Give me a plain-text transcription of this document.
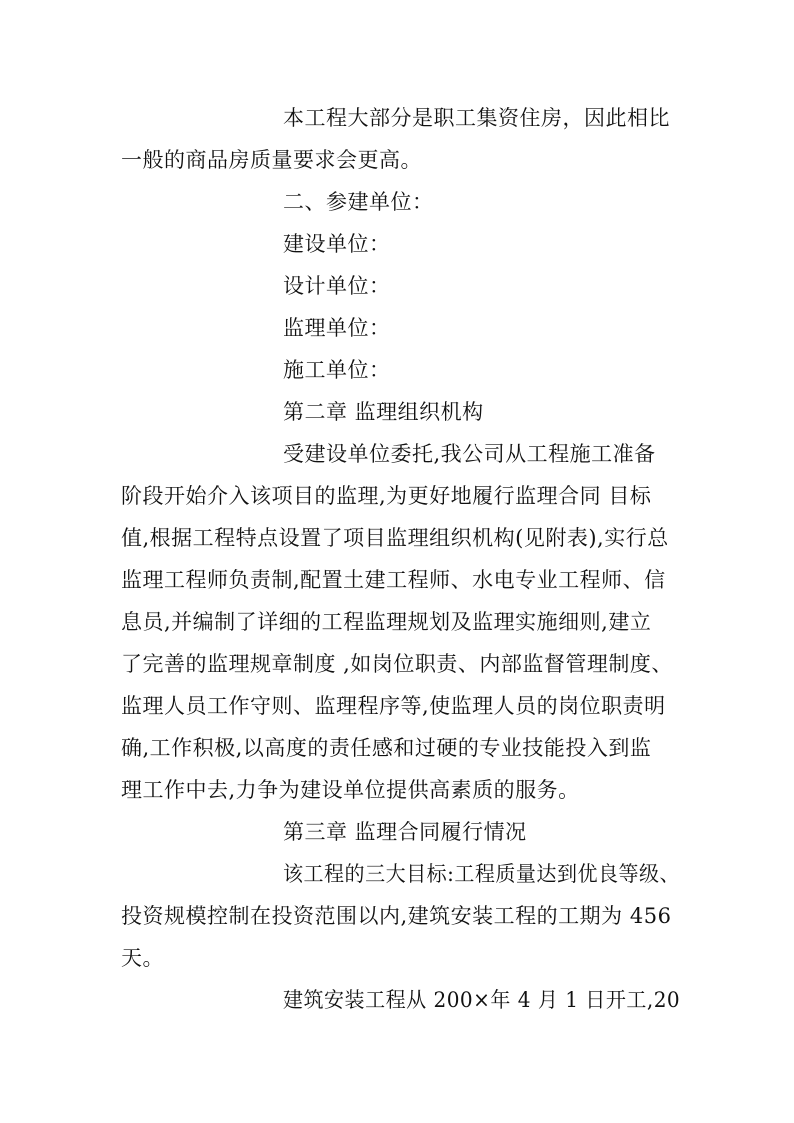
本工程大部分是职工集资住房，因此相比
一般的商品房质量要求会更高。
二、参建单位：
建设单位：
设计单位：
监理单位：
施工单位：
第二章 监理组织机构
受建设单位委托,我公司从工程施工准备
阶段开始介入该项目的监理,为更好地履行监理合同 目标
值,根据工程特点设置了项目监理组织机构(见附表),实行总
监理工程师负责制,配置土建工程师、水电专业工程师、信
息员,并编制了详细的工程监理规划及监理实施细则,建立
了完善的监理规章制度 ,如岗位职责、内部监督管理制度、
监理人员工作守则、监理程序等,使监理人员的岗位职责明
确,工作积极,以高度的责任感和过硬的专业技能投入到监
理工作中去,力争为建设单位提供高素质的服务。
第三章 监理合同履行情况
该工程的三大目标:工程质量达到优良等级、
投资规模控制在投资范围以内,建筑安装工程的工期为 456
天。
建筑安装工程从 200×年 4 月 1 日开工,20
